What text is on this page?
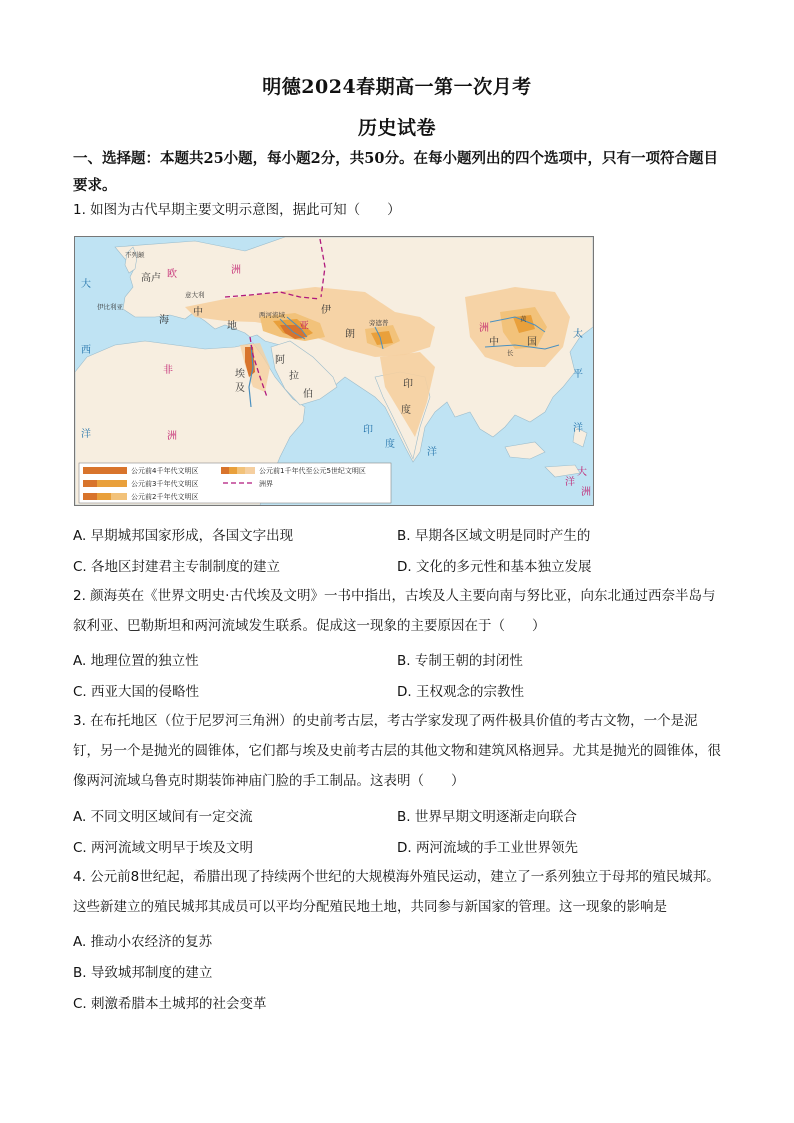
明德2024春期高一第一次月考
历史试卷
一、选择题：本题共25小题，每小题2分，共50分。在每小题列出的四个选项中，只有一项符合题目要求。
1. 如图为古代早期主要文明示意图，据此可知（　　）
不列颠
高卢 欧	洲
伊比利亚
意大利
中
海
地
非
洲
亚	洲
伊
朗
两河流域
阿
拉
伯
埃
及
旁遮普
印
度
中	国
黄
长
大
西
洋
太
平
洋
印
度
洋
大
洋
洲
公元前4千年代文明区
公元前3千年代文明区
公元前2千年代文明区
公元前1千年代至公元5世纪文明区
洲界
A. 早期城邦国家形成，各国文字出现	B. 早期各区域文明是同时产生的
C. 各地区封建君主专制制度的建立	D. 文化的多元性和基本独立发展
2. 颜海英在《世界文明史·古代埃及文明》一书中指出，古埃及人主要向南与努比亚，向东北通过西奈半岛与叙利亚、巴勒斯坦和两河流域发生联系。促成这一现象的主要原因在于（　　）
A. 地理位置的独立性	B. 专制王朝的封闭性
C. 西亚大国的侵略性	D. 王权观念的宗教性
3. 在布托地区（位于尼罗河三角洲）的史前考古层，考古学家发现了两件极具价值的考古文物，一个是泥钉，另一个是抛光的圆锥体，它们都与埃及史前考古层的其他文物和建筑风格迥异。尤其是抛光的圆锥体，很像两河流域乌鲁克时期装饰神庙门脸的手工制品。这表明（　　）
A. 不同文明区域间有一定交流	B. 世界早期文明逐渐走向联合
C. 两河流域文明早于埃及文明	D. 两河流域的手工业世界领先
4. 公元前8世纪起，希腊出现了持续两个世纪的大规模海外殖民运动，建立了一系列独立于母邦的殖民城邦。这些新建立的殖民城邦其成员可以平均分配殖民地土地，共同参与新国家的管理。这一现象的影响是
A. 推动小农经济的复苏
B. 导致城邦制度的建立
C. 刺激希腊本土城邦的社会变革
